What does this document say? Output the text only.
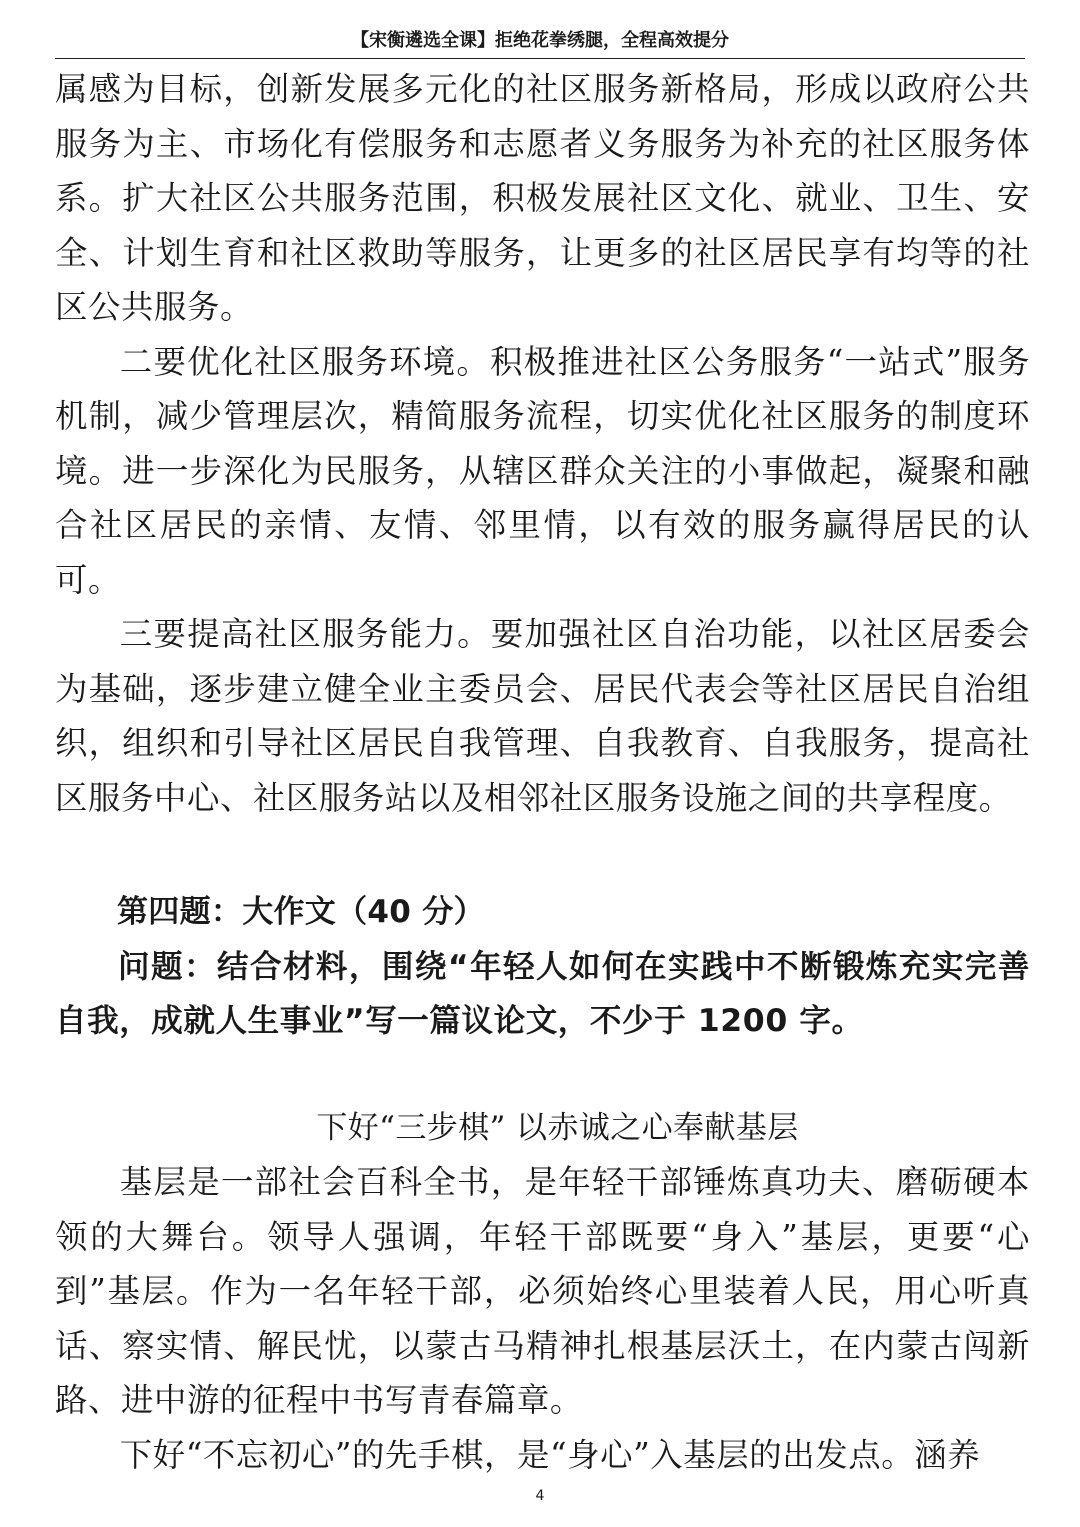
【宋衡遴选全课】拒绝花拳绣腿，全程高效提分

属感为目标，创新发展多元化的社区服务新格局，形成以政府公共服务为主、市场化有偿服务和志愿者义务服务为补充的社区服务体系。扩大社区公共服务范围，积极发展社区文化、就业、卫生、安全、计划生育和社区救助等服务，让更多的社区居民享有均等的社区公共服务。

二要优化社区服务环境。积极推进社区公务服务“一站式”服务机制，减少管理层次，精简服务流程，切实优化社区服务的制度环境。进一步深化为民服务，从辖区群众关注的小事做起，凝聚和融合社区居民的亲情、友情、邻里情，以有效的服务赢得居民的认可。

三要提高社区服务能力。要加强社区自治功能，以社区居委会为基础，逐步建立健全业主委员会、居民代表会等社区居民自治组织，组织和引导社区居民自我管理、自我教育、自我服务，提高社区服务中心、社区服务站以及相邻社区服务设施之间的共享程度。

第四题：大作文（40 分）

问题：结合材料，围绕“年轻人如何在实践中不断锻炼充实完善自我，成就人生事业”写一篇议论文，不少于 1200 字。

下好“三步棋” 以赤诚之心奉献基层

基层是一部社会百科全书，是年轻干部锤炼真功夫、磨砺硬本领的大舞台。领导人强调，年轻干部既要“身入”基层，更要“心到”基层。作为一名年轻干部，必须始终心里装着人民，用心听真话、察实情、解民忧，以蒙古马精神扎根基层沃土，在内蒙古闯新路、进中游的征程中书写青春篇章。

下好“不忘初心”的先手棋，是“身心”入基层的出发点。涵养

4
